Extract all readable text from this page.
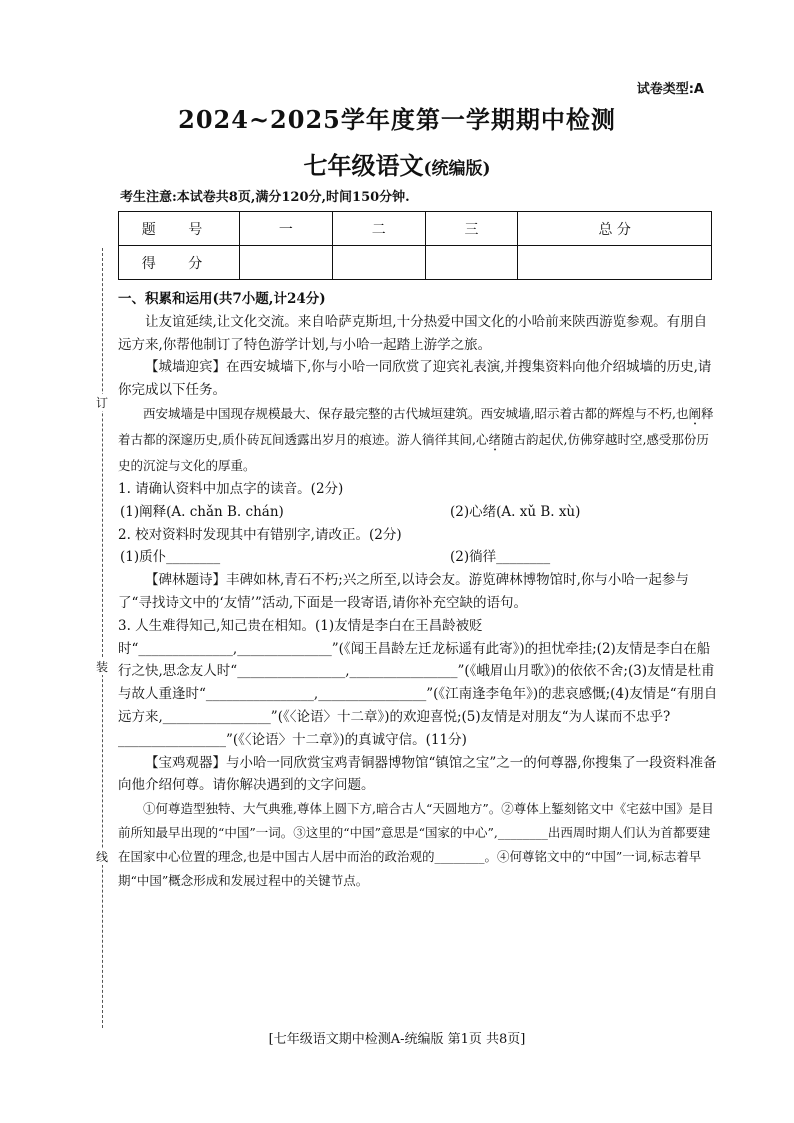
试卷类型:A
2024~2025学年度第一学期期中检测
七年级语文(统编版)
考生注意:本试卷共8页,满分120分,时间150分钟.
题 号	一	二	三	总 分
得 分				
订
装
线

一、积累和运用(共7小题,计24分)

让友谊延续,让文化交流。来自哈萨克斯坦,十分热爱中国文化的小哈前来陕西游览参观。有朋自远方来,你帮他制订了特色游学计划,与小哈一起踏上游学之旅。

【城墙迎宾】在西安城墙下,你与小哈一同欣赏了迎宾礼表演,并搜集资料向他介绍城墙的历史,请你完成以下任务。

西安城墙是中国现存规模最大、保存最完整的古代城垣建筑。西安城墙,昭示着古都的辉煌与不朽,也阐释着古都的深邃历史,质仆砖瓦间透露出岁月的痕迹。游人徜徉其间,心绪随古韵起伏,仿佛穿越时空,感受那份历史的沉淀与文化的厚重。

1. 请确认资料中加点字的读音。(2分)

(1)阐释(A. chǎn B. chán)	(2)心绪(A. xǔ B. xù)

2. 校对资料时发现其中有错别字,请改正。(2分)

(1)质仆________	(2)徜徉________

【碑林题诗】丰碑如林,青石不朽;兴之所至,以诗会友。游览碑林博物馆时,你与小哈一起参与了“寻找诗文中的‘友情’”活动,下面是一段寄语,请你补充空缺的语句。

3. 人生难得知己,知己贵在相知。(1)友情是李白在王昌龄被贬时“______________,______________”(《闻王昌龄左迁龙标遥有此寄》)的担忧牵挂;(2)友情是李白在船行之快,思念友人时“________________,________________”(《峨眉山月歌》)的依依不舍;(3)友情是杜甫与故人重逢时“________________,________________”(《江南逢李龟年》)的悲哀感慨;(4)友情是“有朋自远方来,________________”(《〈论语〉十二章》)的欢迎喜悦;(5)友情是对朋友“为人谋而不忠乎?________________”(《〈论语〉十二章》)的真诚守信。(11分)

【宝鸡观器】与小哈一同欣赏宝鸡青铜器博物馆“镇馆之宝”之一的何尊器,你搜集了一段资料准备向他介绍何尊。请你解决遇到的文字问题。

①何尊造型独特、大气典雅,尊体上圆下方,暗合古人“天圆地方”。②尊体上錾刻铭文中《宅兹中国》是目前所知最早出现的“中国”一词。③这里的“中国”意思是“国家的中心”,________出西周时期人们认为首都要建在国家中心位置的理念,也是中国古人居中而治的政治观的________。④何尊铭文中的“中国”一词,标志着早期“中国”概念形成和发展过程中的关键节点。

[七年级语文期中检测A-统编版 第1页 共8页]
